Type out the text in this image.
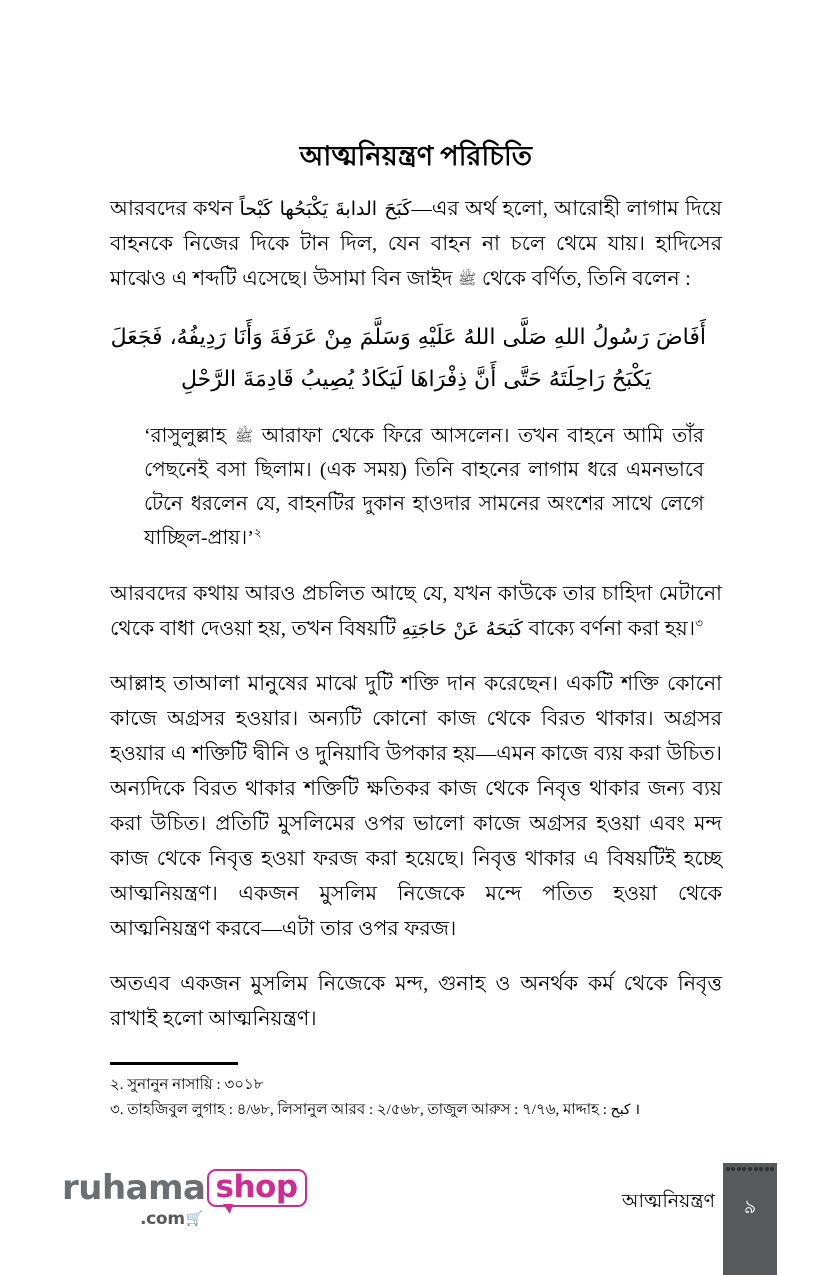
আত্মনিয়ন্ত্রণ পরিচিতি

আরবদের কথন كَبَحَ الدابةَ يَكْبَحُها كَبْحاً—এর অর্থ হলো, আরোহী লাগাম দিয়ে বাহনকে নিজের দিকে টান দিল, যেন বাহন না চলে থেমে যায়। হাদিসের মাঝেও এ শব্দটি এসেছে। উসামা বিন জাইদ ﷺ থেকে বর্ণিত, তিনি বলেন :

أَفَاضَ رَسُولُ اللهِ صَلَّى اللهُ عَلَيْهِ وَسَلَّمَ مِنْ عَرَفَةَ وَأَنَا رَدِيفُهُ، فَجَعَلَ
يَكْبَحُ رَاحِلَتَهُ حَتَّى أَنَّ ذِفْرَاهَا لَيَكَادُ يُصِيبُ قَادِمَةَ الرَّحْلِ
‘রাসুলুল্লাহ ﷺ আরাফা থেকে ফিরে আসলেন। তখন বাহনে আমি তাঁর পেছনেই বসা ছিলাম। (এক সময়) তিনি বাহনের লাগাম ধরে এমনভাবে টেনে ধরলেন যে, বাহনটির দুকান হাওদার সামনের অংশের সাথে লেগে যাচ্ছিল-প্রায়।’$^২$

আরবদের কথায় আরও প্রচলিত আছে যে, যখন কাউকে তার চাহিদা মেটানো থেকে বাধা দেওয়া হয়, তখন বিষয়টি كَبَحَهُ عَنْ حَاجَتِهِ বাক্যে বর্ণনা করা হয়।$^৩$

আল্লাহ তাআলা মানুষের মাঝে দুটি শক্তি দান করেছেন। একটি শক্তি কোনো কাজে অগ্রসর হওয়ার। অন্যটি কোনো কাজ থেকে বিরত থাকার। অগ্রসর হওয়ার এ শক্তিটি দ্বীনি ও দুনিয়াবি উপকার হয়—এমন কাজে ব্যয় করা উচিত। অন্যদিকে বিরত থাকার শক্তিটি ক্ষতিকর কাজ থেকে নিবৃত্ত থাকার জন্য ব্যয় করা উচিত। প্রতিটি মুসলিমের ওপর ভালো কাজে অগ্রসর হওয়া এবং মন্দ কাজ থেকে নিবৃত্ত হওয়া ফরজ করা হয়েছে। নিবৃত্ত থাকার এ বিষয়টিই হচ্ছে আত্মনিয়ন্ত্রণ। একজন মুসলিম নিজেকে মন্দে পতিত হওয়া থেকে আত্মনিয়ন্ত্রণ করবে—এটা তার ওপর ফরজ।

অতএব একজন মুসলিম নিজেকে মন্দ, গুনাহ ও অনর্থক কর্ম থেকে নিবৃত্ত রাখাই হলো আত্মনিয়ন্ত্রণ।

২. সুনানুন নাসায়ি : ৩০১৮
৩. তাহজিবুল লুগাহ : ৪/৬৮, লিসানুল আরব : ২/৫৬৮, তাজুল আরুস : ৭/৭৬, মাদ্দাহ : كبح ।
ruhama shop
.com 🛒
আত্মনিয়ন্ত্রণ	৯
